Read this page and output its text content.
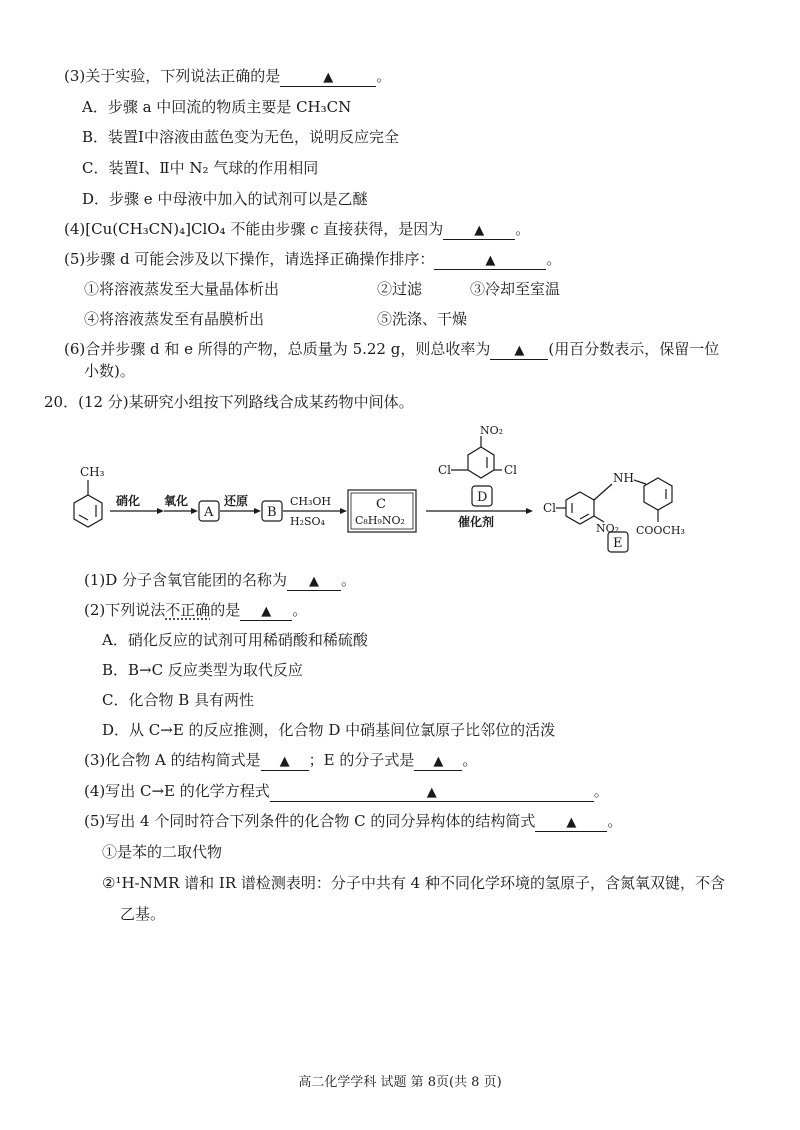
(3)关于实验，下列说法正确的是	▲	。
A．步骤 a 中回流的物质主要是 CH₃CN
B．装置Ⅰ中溶液由蓝色变为无色，说明反应完全
C．装置Ⅰ、Ⅱ中 N₂ 气球的作用相同
D．步骤 e 中母液中加入的试剂可以是乙醚
(4)[Cu(CH₃CN)₄]ClO₄ 不能由步骤 c 直接获得，是因为 ▲ 。
(5)步骤 d 可能会涉及以下操作，请选择正确操作排序：	▲	。
①将溶液蒸发至大量晶体析出	②过滤	③冷却至室温
④将溶液蒸发至有晶膜析出	⑤洗涤、干燥
(6)合并步骤 d 和 e 所得的产物，总质量为 5.22 g，则总收率为 ▲ (用百分数表示，保留一位
小数)。
20．(12 分)某研究小组按下列路线合成某药物中间体。
CH₃
硝化 氧化
A
还原
B
CH₃OH
H₂SO₄
C
C₈H₉NO₂
NO₂
Cl	Cl
D
催化剂
Cl
NH
NO₂ COOCH₃
E
(1)D 分子含氧官能团的名称为 ▲ 。
(2)下列说法不正确的是 ▲ 。
A．硝化反应的试剂可用稀硝酸和稀硫酸
B．B→C 反应类型为取代反应
C．化合物 B 具有两性
D．从 C→E 的反应推测，化合物 D 中硝基间位氯原子比邻位的活泼
(3)化合物 A 的结构简式是 ▲ ；E 的分子式是 ▲ 。
(4)写出 C→E 的化学方程式	▲	。
(5)写出 4 个同时符合下列条件的化合物 C 的同分异构体的结构简式 ▲ 。
①是苯的二取代物
②¹H-NMR 谱和 IR 谱检测表明：分子中共有 4 种不同化学环境的氢原子，含氮氧双键，不含
乙基。
高二化学学科 试题 第 8页(共 8 页)
